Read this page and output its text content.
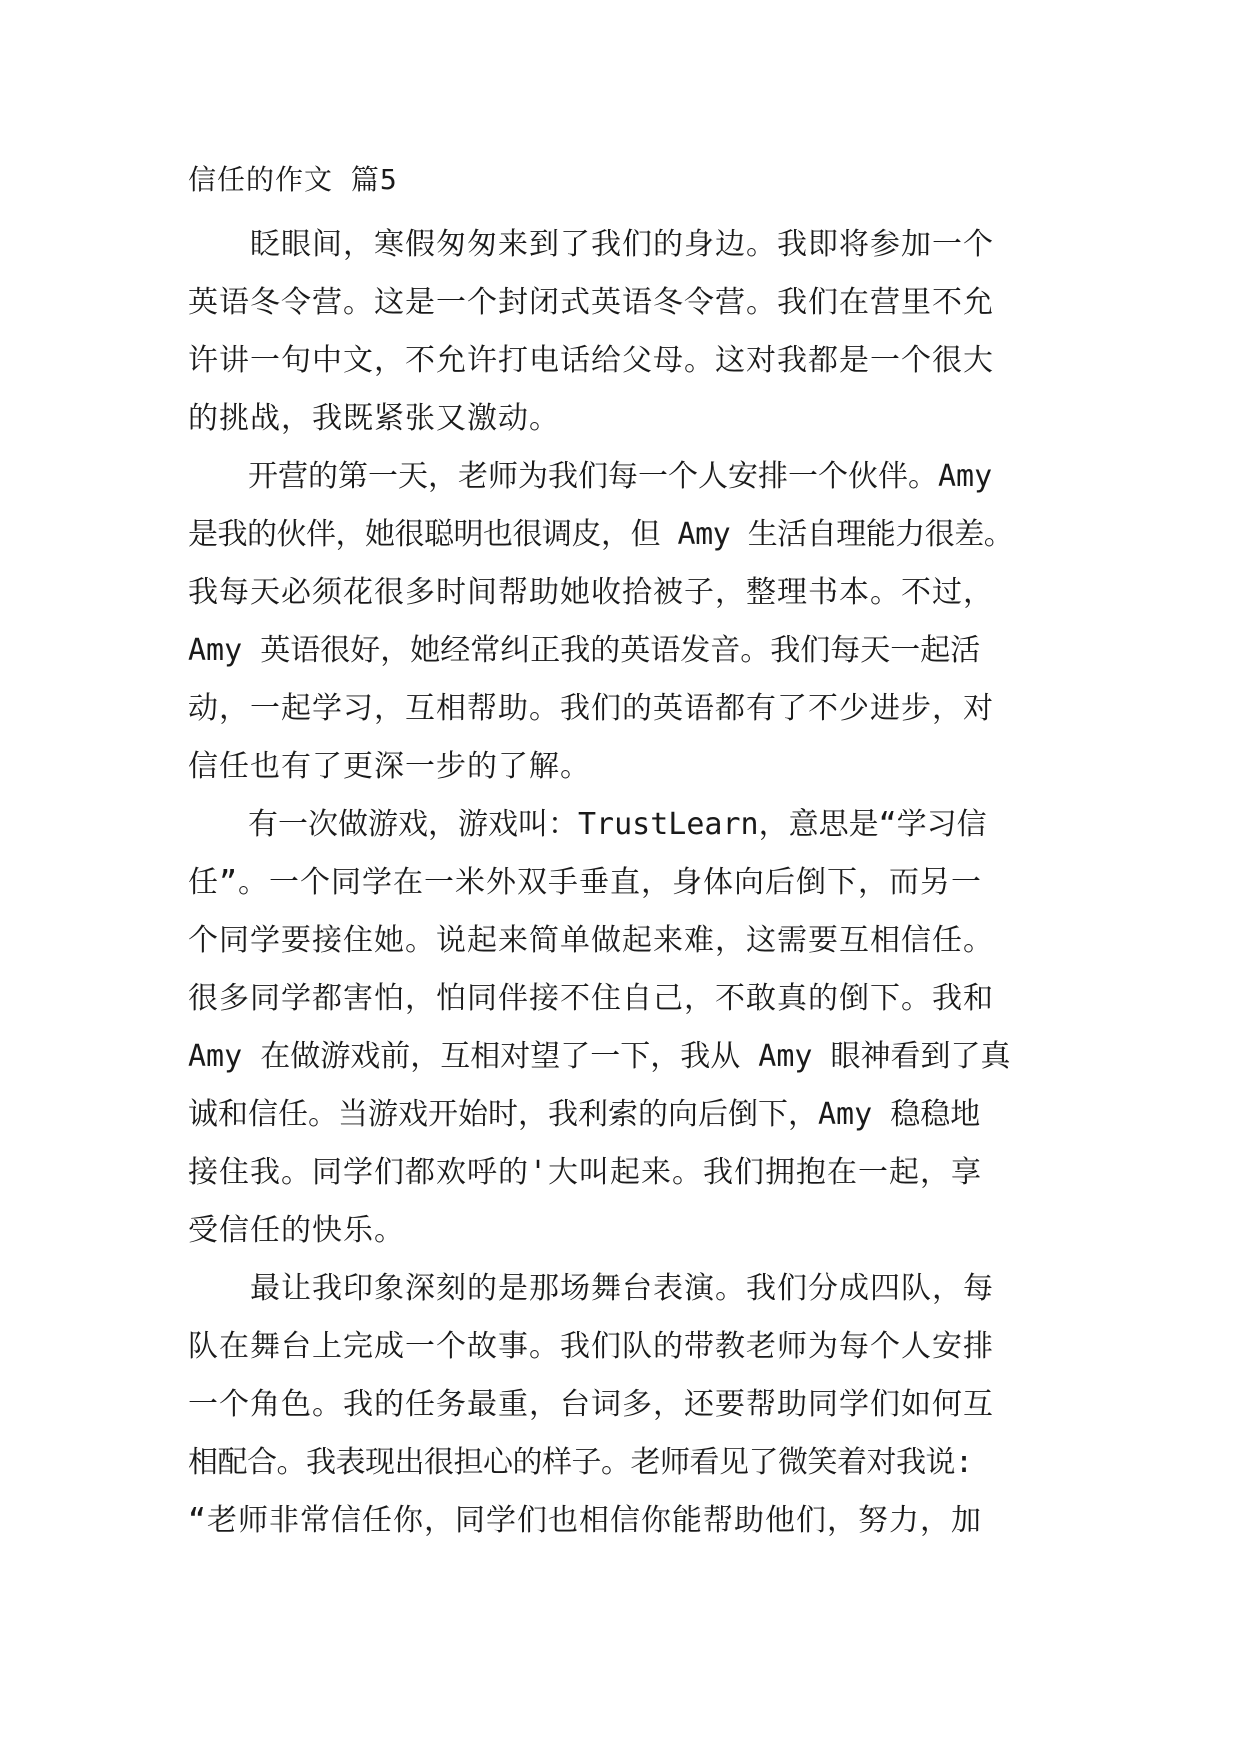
信任的作文 篇5
　　眨眼间，寒假匆匆来到了我们的身边。我即将参加一个
英语冬令营。这是一个封闭式英语冬令营。我们在营里不允
许讲一句中文，不允许打电话给父母。这对我都是一个很大
的挑战，我既紧张又激动。
　　开营的第一天，老师为我们每一个人安排一个伙伴。Amy
是我的伙伴，她很聪明也很调皮，但 Amy 生活自理能力很差。
我每天必须花很多时间帮助她收拾被子，整理书本。不过，
Amy 英语很好，她经常纠正我的英语发音。我们每天一起活
动，一起学习，互相帮助。我们的英语都有了不少进步，对
信任也有了更深一步的了解。
　　有一次做游戏，游戏叫：TrustLearn，意思是“学习信
任”。一个同学在一米外双手垂直，身体向后倒下，而另一
个同学要接住她。说起来简单做起来难，这需要互相信任。
很多同学都害怕，怕同伴接不住自己，不敢真的倒下。我和
Amy 在做游戏前，互相对望了一下，我从 Amy 眼神看到了真
诚和信任。当游戏开始时，我利索的向后倒下，Amy 稳稳地
接住我。同学们都欢呼的'大叫起来。我们拥抱在一起，享
受信任的快乐。
　　最让我印象深刻的是那场舞台表演。我们分成四队，每
队在舞台上完成一个故事。我们队的带教老师为每个人安排
一个角色。我的任务最重，台词多，还要帮助同学们如何互
相配合。我表现出很担心的样子。老师看见了微笑着对我说:
“老师非常信任你，同学们也相信你能帮助他们，努力，加
